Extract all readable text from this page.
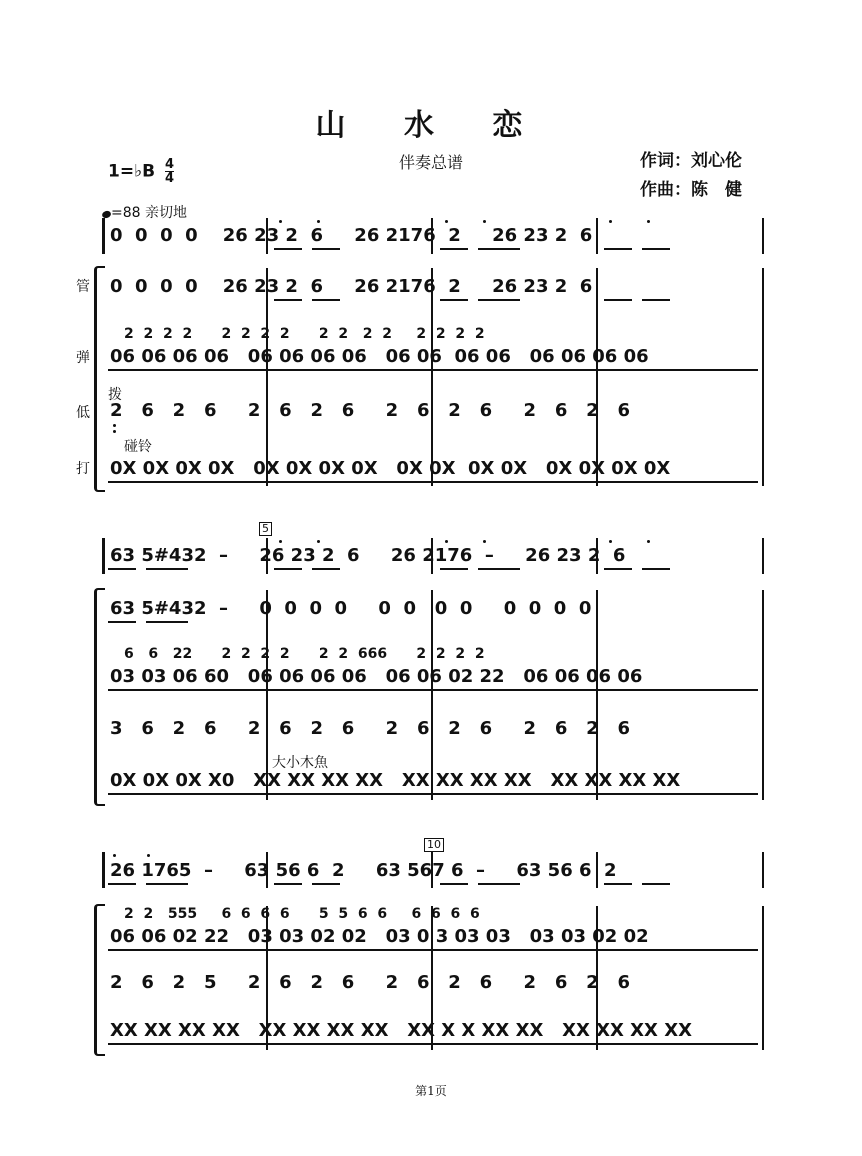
山 水 恋
伴奏总谱	作词：刘心伦
作曲：陈　健
1=♭B $\frac{4}{4}$
=88 亲切地
管
弹
低
打
拨
碰铃
大小木魚
5
10
0  0  0  0    26 23 2  6     26 2176  2     26 23 2  6
0  0  0  0    26 23 2  6     26 2176  2     26 23 2  6
2  2  2  2      2  2  2  2      2  2   2  2     2  2  2  2
06 06 06 06   06 06 06 06   06 06  06 06   06 06 06 06
2   6   2   6     2   6   2   6     2   6   2   6     2   6   2   6
0X 0X 0X 0X   0X 0X 0X 0X   0X 0X  0X 0X   0X 0X 0X 0X
63 5#432  –     26 23 2  6     26 2176  –     26 23 2  6
63 5#432  –     0  0  0  0     0  0   0  0     0  0  0  0
6   6   22      2  2  2  2      2  2  666      2  2  2  2
03 03 06 60   06 06 06 06   06 06 02 22   06 06 06 06
3   6   2   6     2   6   2   6     2   6   2   6     2   6   2   6
0X 0X 0X X0   XX XX XX XX   XX XX XX XX   XX XX XX XX
26 1765  –     63 56 6  2     63 567 6  –     63 56 6  2
2  2   555     6  6  6  6      5  5  6  6     6  6  6  6
06 06 02 22   03 03 02 02   03 0 3 03 03   03 03 02 02
2   6   2   5     2   6   2   6     2   6   2   6     2   6   2   6
XX XX XX XX   XX XX XX XX   XX X X XX XX   XX XX XX XX
第1页
